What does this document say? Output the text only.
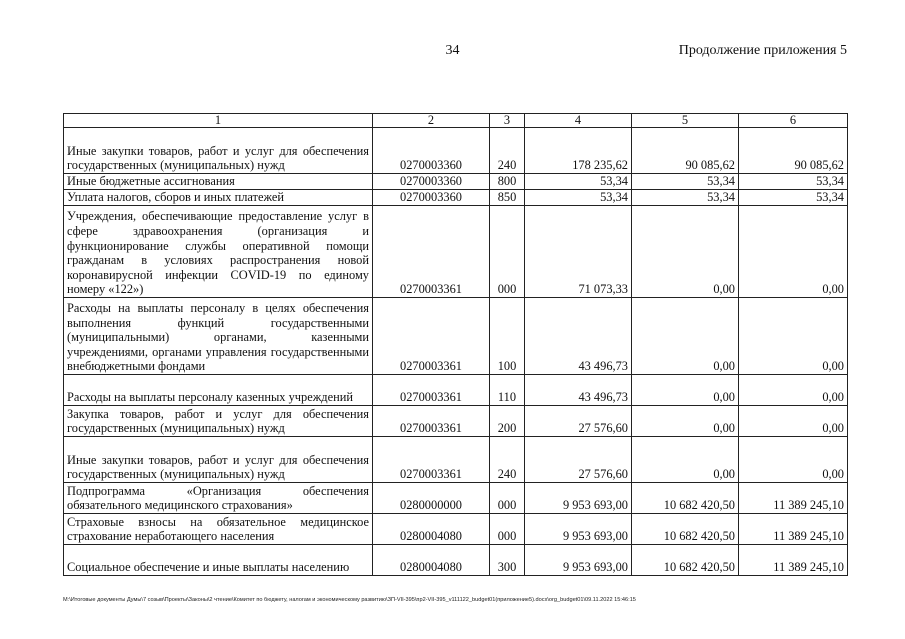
34	Продолжение приложения 5
1	2	3	4	5	6
Иные закупки товаров, работ и услуг для обеспечения государственных (муниципальных) нужд	0270003360	240	178 235,62	90 085,62	90 085,62
Иные бюджетные ассигнования	0270003360	800	53,34	53,34	53,34
Уплата налогов, сборов и иных платежей	0270003360	850	53,34	53,34	53,34
Учреждения, обеспечивающие предоставление услуг в сфере здравоохранения (организация и функционирование службы оперативной помощи гражданам в условиях распространения новой коронавирусной инфекции COVID-19 по единому номеру «122»)	0270003361	000	71 073,33	0,00	0,00
Расходы на выплаты персоналу в целях обеспечения выполнения функций государственными (муниципальными) органами, казенными учреждениями, органами управления государственными внебюджетными фондами	0270003361	100	43 496,73	0,00	0,00
Расходы на выплаты персоналу казенных учреждений	0270003361	110	43 496,73	0,00	0,00
Закупка товаров, работ и услуг для обеспечения государственных (муниципальных) нужд	0270003361	200	27 576,60	0,00	0,00
Иные закупки товаров, работ и услуг для обеспечения государственных (муниципальных) нужд	0270003361	240	27 576,60	0,00	0,00
Подпрограмма «Организация обеспечения обязательного медицинского страхования»	0280000000	000	9 953 693,00	10 682 420,50	11 389 245,10
Страховые взносы на обязательное медицинское страхование неработающего населения	0280004080	000	9 953 693,00	10 682 420,50	11 389 245,10
Социальное обеспечение и иные выплаты населению	0280004080	300	9 953 693,00	10 682 420,50	11 389 245,10
М:\Итоговые документы Думы\7 созыв\Проекты\Законы\2 чтение\Комитет по бюджету, налогам и экономическому развитию\ЗП-VII-395\пр2-VII-395_v111122_budget01(приложение5).docx\org_budget01\09.11.2022 15:46:15
